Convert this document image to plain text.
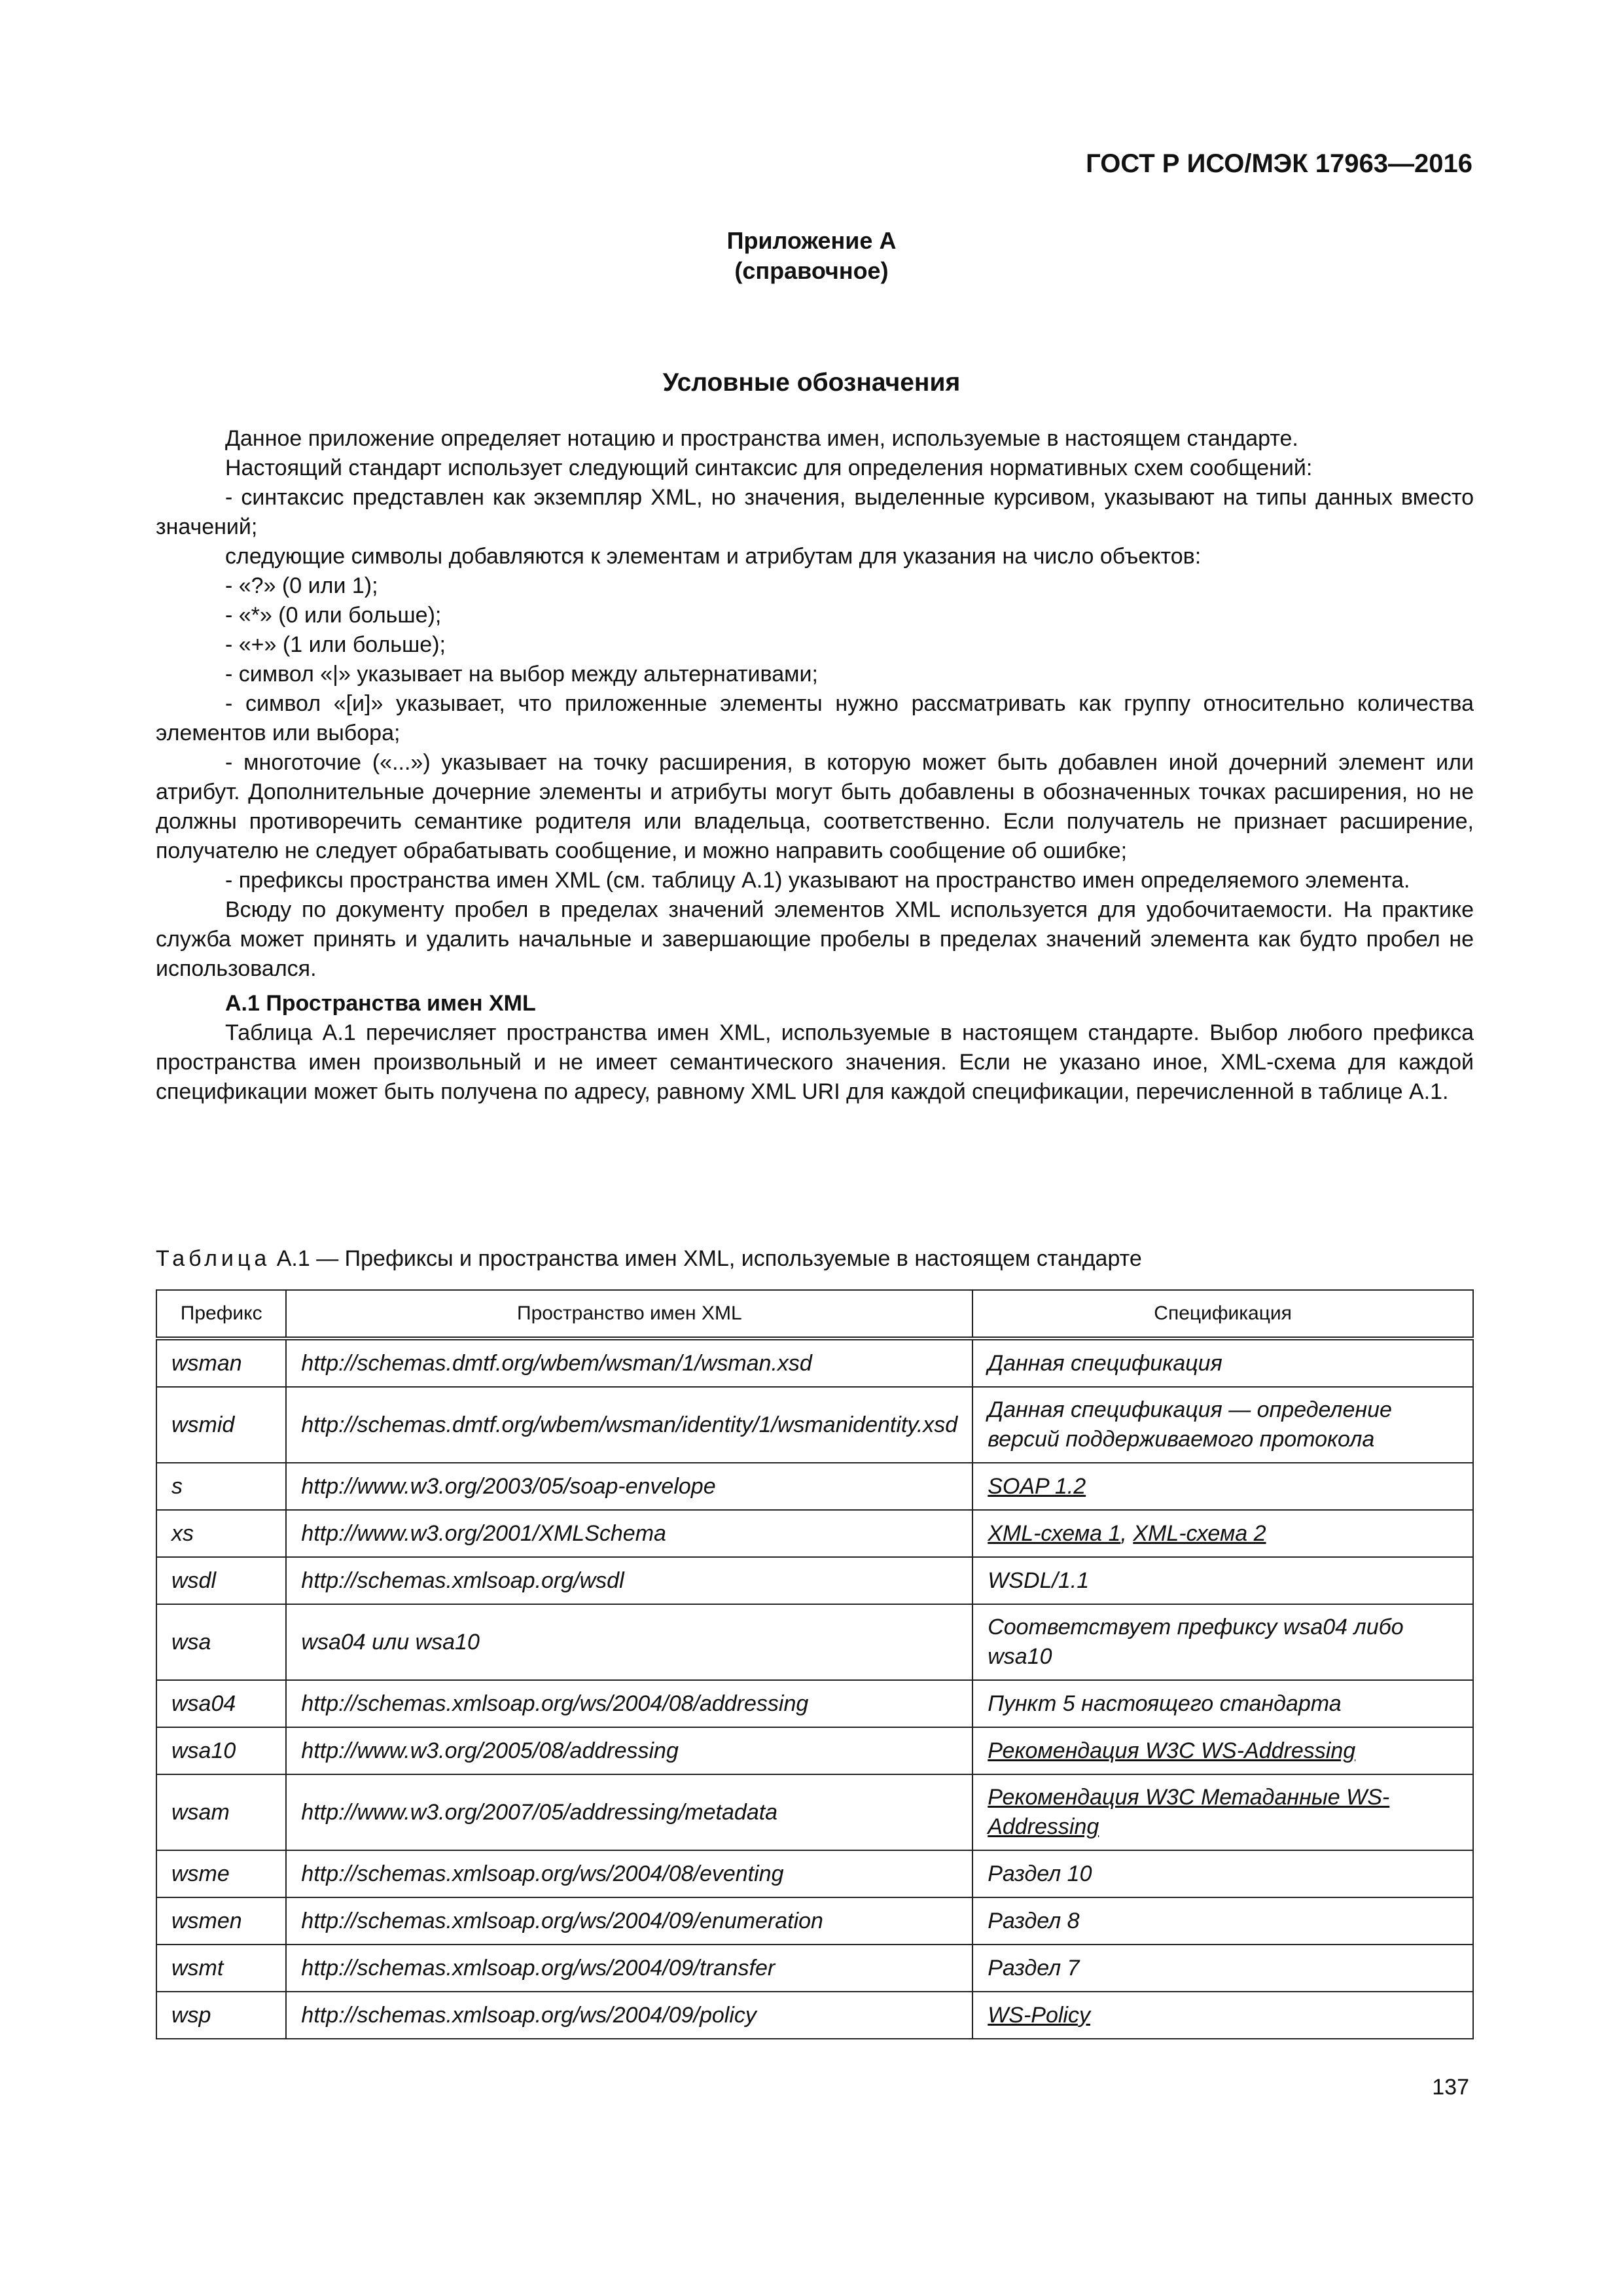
ГОСТ Р ИСО/МЭК 17963—2016
Приложение А
(справочное)
Условные обозначения

Данное приложение определяет нотацию и пространства имен, используемые в настоящем стандарте.

Настоящий стандарт использует следующий синтаксис для определения нормативных схем сообщений:

- синтаксис представлен как экземпляр XML, но значения, выделенные курсивом, указывают на типы данных вместо значений;

следующие символы добавляются к элементам и атрибутам для указания на число объектов:

- «?» (0 или 1);

- «*» (0 или больше);

- «+» (1 или больше);

- символ «|» указывает на выбор между альтернативами;

- символ «[и]» указывает, что приложенные элементы нужно рассматривать как группу относительно количества элементов или выбора;

- многоточие («...») указывает на точку расширения, в которую может быть добавлен иной дочерний элемент или атрибут. Дополнительные дочерние элементы и атрибуты могут быть добавлены в обозначенных точках расширения, но не должны противоречить семантике родителя или владельца, соответственно. Если получатель не признает расширение, получателю не следует обрабатывать сообщение, и можно направить сообщение об ошибке;

- префиксы пространства имен XML (см. таблицу А.1) указывают на пространство имен определяемого элемента.

Всюду по документу пробел в пределах значений элементов XML используется для удобочитаемости. На практике служба может принять и удалить начальные и завершающие пробелы в пределах значений элемента как будто пробел не использовался.

А.1 Пространства имен XML

Таблица А.1 перечисляет пространства имен XML, используемые в настоящем стандарте. Выбор любого префикса пространства имен произвольный и не имеет семантического значения. Если не указано иное, XML-схема для каждой спецификации может быть получена по адресу, равному XML URI для каждой спецификации, перечисленной в таблице А.1.

Таблица А.1 — Префиксы и пространства имен XML, используемые в настоящем стандарте
Префикс	Пространство имен XML	Спецификация
wsman	http://schemas.dmtf.org/wbem/wsman/1/wsman.xsd	Данная спецификация
wsmid	http://schemas.dmtf.org/wbem/wsman/identity/1/wsmanidentity.xsd	Данная спецификация — определение версий поддерживаемого протокола
s	http://www.w3.org/2003/05/soap-envelope	SOAP 1.2
xs	http://www.w3.org/2001/XMLSchema	XML-схема 1, XML-схема 2
wsdl	http://schemas.xmlsoap.org/wsdl	WSDL/1.1
wsa	wsa04 или wsa10	Соответствует префиксу wsa04 либо wsa10
wsa04	http://schemas.xmlsoap.org/ws/2004/08/addressing	Пункт 5 настоящего стандарта
wsa10	http://www.w3.org/2005/08/addressing	Рекомендация W3C WS-Addressing
wsam	http://www.w3.org/2007/05/addressing/metadata	Рекомендация W3C Метаданные WS-Addressing
wsme	http://schemas.xmlsoap.org/ws/2004/08/eventing	Раздел 10
wsmen	http://schemas.xmlsoap.org/ws/2004/09/enumeration	Раздел 8
wsmt	http://schemas.xmlsoap.org/ws/2004/09/transfer	Раздел 7
wsp	http://schemas.xmlsoap.org/ws/2004/09/policy	WS-Policy
137
